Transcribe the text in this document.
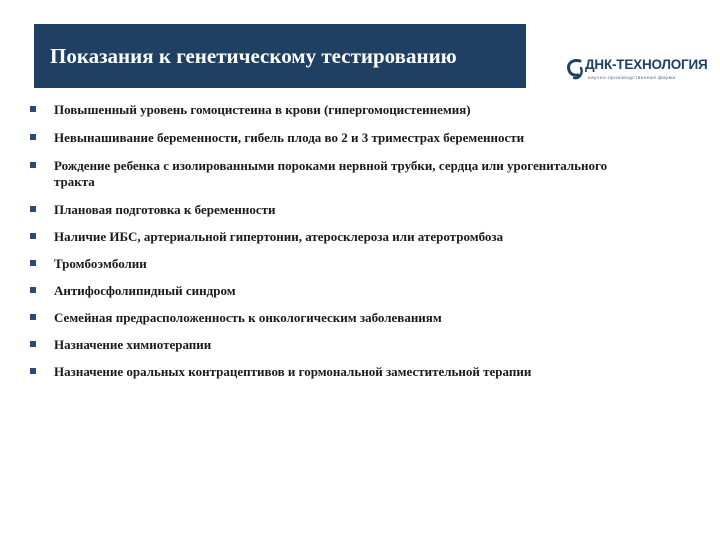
Показания к генетическому тестированию	ДНК-ТЕХНОЛОГИЯ
научно-производственная фирма
Повышенный уровень гомоцистеина в крови (гипергомоцистеинемия)
Невынашивание беременности, гибель плода во 2 и 3 триместрах беременности
Рождение ребенка с изолированными пороками нервной трубки, сердца или урогенитального тракта
Плановая подготовка к беременности
Наличие ИБС, артериальной гипертонии, атеросклероза или атеротромбоза
Тромбоэмболии
Антифосфолипидный синдром
Семейная предрасположенность к онкологическим заболеваниям
Назначение химиотерапии
Назначение оральных контрацептивов и гормональной заместительной терапии
